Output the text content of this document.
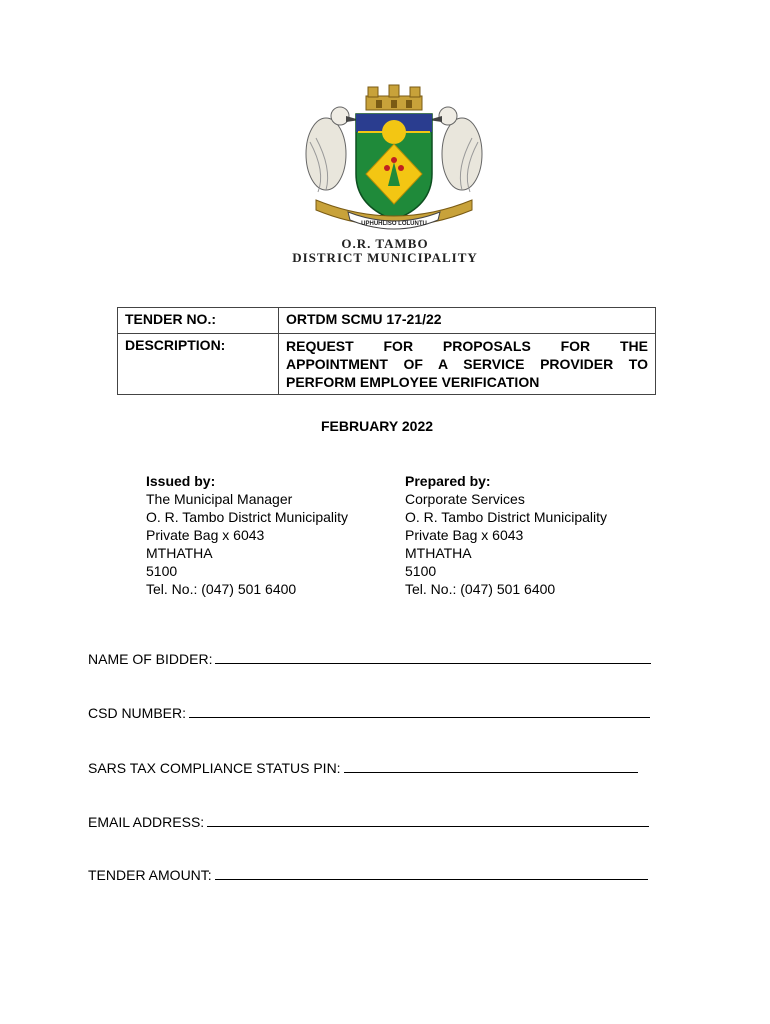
UPHUHLISO LOLUNTU
O.R. TAMBO
DISTRICT MUNICIPALITY
TENDER NO.:	ORTDM SCMU 17-21/22
DESCRIPTION:	REQUEST FOR PROPOSALS FOR THE APPOINTMENT OF A SERVICE PROVIDER TO PERFORM EMPLOYEE VERIFICATION
FEBRUARY 2022
Issued by:
The Municipal Manager
O. R. Tambo District Municipality
Private Bag x 6043
MTHATHA
5100
Tel. No.: (047) 501 6400
Prepared by:
Corporate Services
O. R. Tambo District Municipality
Private Bag x 6043
MTHATHA
5100
Tel. No.: (047) 501 6400
NAME OF BIDDER:
CSD NUMBER:
SARS TAX COMPLIANCE STATUS PIN:
EMAIL ADDRESS:
TENDER AMOUNT:
